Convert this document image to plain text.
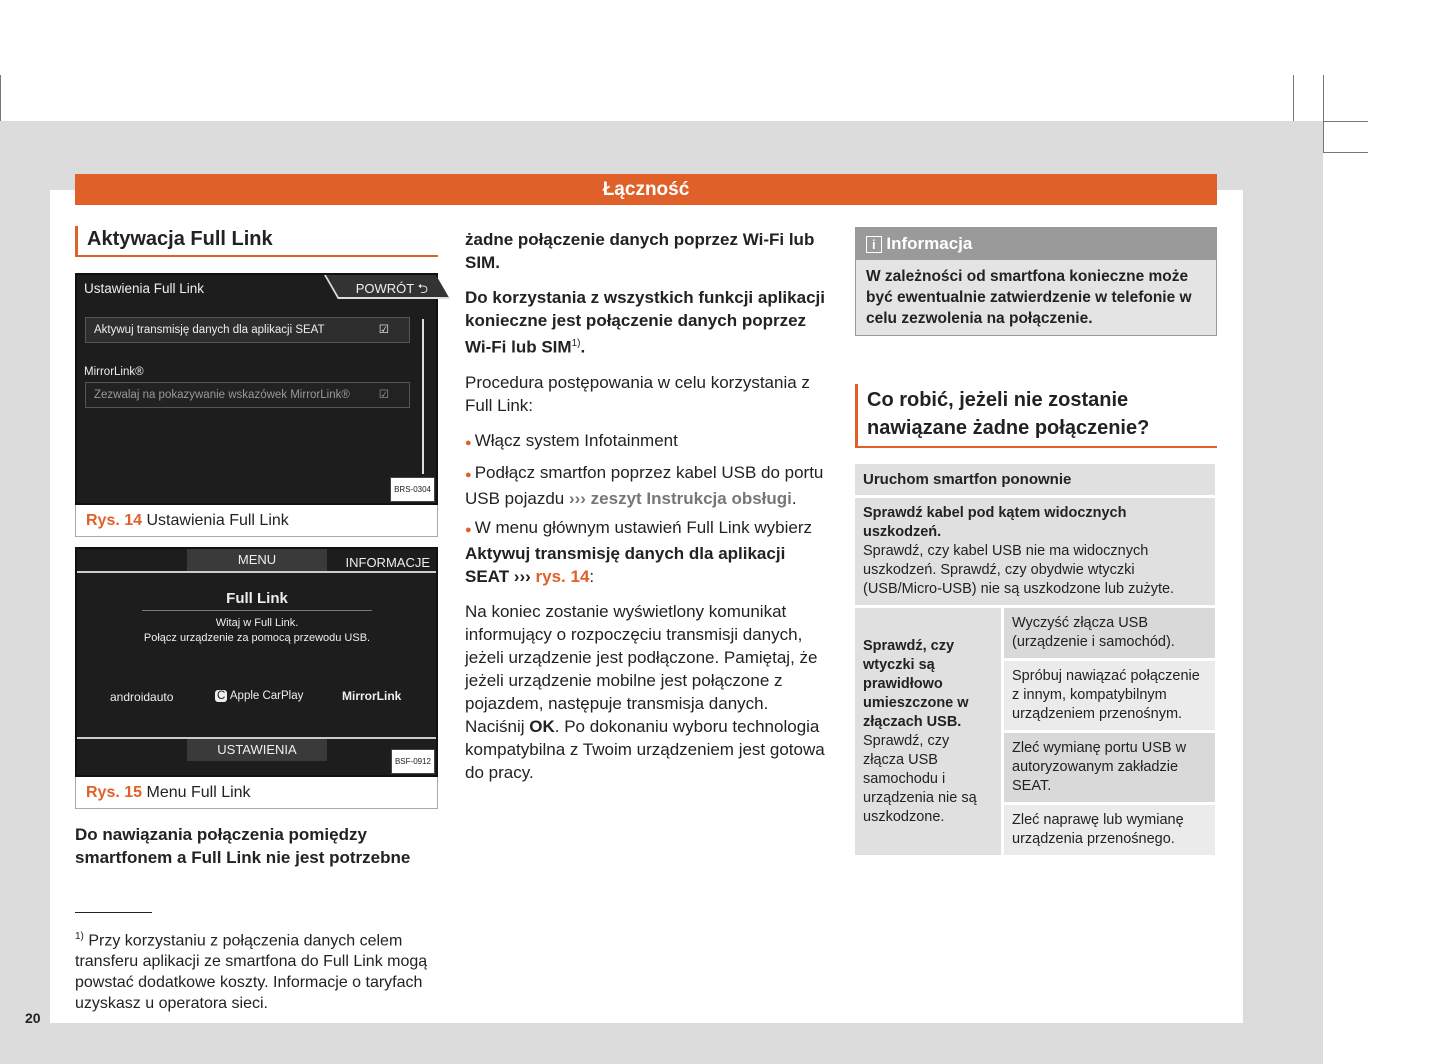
Łączność
20
Aktywacja Full Link
Ustawienia Full Link	POWRÓT ⮌
Aktywuj transmisję danych dla aplikacji SEAT	☑
MirrorLink®
Zezwalaj na pokazywanie wskazówek MirrorLink®	☑
BRS-0304
Rys. 14 Ustawienia Full Link
MENU	INFORMACJE
Full Link
Witaj w Full Link.
Połącz urządzenie za pomocą przewodu USB.
androidauto	C Apple CarPlay	MirrorLink
USTAWIENIA
BSF-0912
Rys. 15 Menu Full Link
Do nawiązania połączenia pomiędzy smartfonem a Full Link nie jest potrzebne
$^{1)}$ Przy korzystaniu z połączenia danych celem transferu aplikacji ze smartfona do Full Link mogą powstać dodatkowe koszty. Informacje o taryfach uzyskasz u operatora sieci.

żadne połączenie danych poprzez Wi-Fi lub SIM.

Do korzystania z wszystkich funkcji aplikacji konieczne jest połączenie danych poprzez Wi-Fi lub SIM$^{1)}$.

Procedura postępowania w celu korzystania z Full Link:

● Włącz system Infotainment

● Podłącz smartfon poprzez kabel USB do portu USB pojazdu ››› zeszyt Instrukcja obsługi.

● W menu głównym ustawień Full Link wybierz Aktywuj transmisję danych dla aplikacji SEAT ››› rys. 14:

Na koniec zostanie wyświetlony komunikat informujący o rozpoczęciu transmisji danych, jeżeli urządzenie jest podłączone. Pamiętaj, że jeżeli urządzenie mobilne jest połączone z pojazdem, następuje transmisja danych. Naciśnij OK. Po dokonaniu wyboru technologia kompatybilna z Twoim urządzeniem jest gotowa do pracy.

i Informacja
W zależności od smartfona konieczne może być ewentualnie zatwierdzenie w telefonie w celu zezwolenia na połączenie.
Co robić, jeżeli nie zostanie nawiązane żadne połączenie?
Uruchom smartfon ponownie
Sprawdź kabel pod kątem widocznych uszkodzeń.
Sprawdź, czy kabel USB nie ma widocznych uszkodzeń. Sprawdź, czy obydwie wtyczki (USB/Micro-USB) nie są uszkodzone lub zużyte.
Sprawdź, czy wtyczki są prawidłowo umieszczone w złączach USB.
Sprawdź, czy złącza USB samochodu i urządzenia nie są uszkodzone.
Wyczyść złącza USB (urządzenie i samochód).
Spróbuj nawiązać połączenie z innym, kompatybilnym urządzeniem przenośnym.
Zleć wymianę portu USB w autoryzowanym zakładzie SEAT.
Zleć naprawę lub wymianę urządzenia przenośnego.
